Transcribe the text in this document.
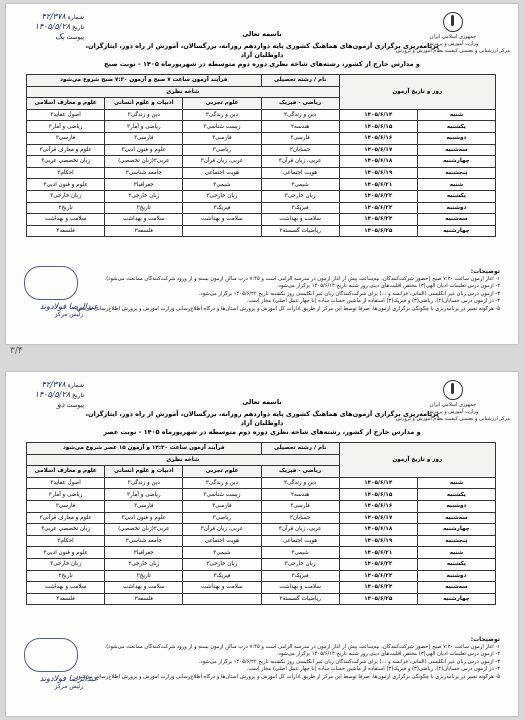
جمهوری اسلامی ایران
وزارت آموزش و پرورش
مرکز ارزشیابی و تضمین کیفیت نظام آموزش و پرورش
شماره ۴۲/۳۷۸
تاریخ ۱۴۰۵/۵/۲۸
پیوست یک	باسمه تعالی
برنامه‌ریزی برگزاری آزمون‌های هماهنگ کشوری پایه دوازدهم روزانه، بزرگسالان، آموزش از راه دور، ایثارگران، داوطلبان آزاد
و مدارس خارج از کشور، رشته‌های شاخه نظری دوره دوم متوسطه در شهریورماه ۱۴۰۵ - نوبت صبح
روز و تاریخ آزمون		نام / رشته تحصیلی	فرآیند آزمون ساعت ۷ صبح و آزمون ۷:۳۰ صبح شروع می‌شود		
		شاخه نظری			
		ریاضی - فیزیک	علوم تجربی	ادبیات و علوم انسانی	علوم و معارف اسلامی
شنبه	۱۴۰۵/۶/۱۴	دین و زندگی۳	دین و زندگی۳	دین و زندگی۳	اصول عقاید۳
یکشنبه	۱۴۰۵/۶/۱۵	هندسه۳	زیست شناسی۳	ریاضی و آمار۳	ریاضی و آمار۳
دوشنبه	۱۴۰۵/۶/۱۶	فارسی۳	فارسی۳	فارسی۳	فارسی۳
سه‌شنبه	۱۴۰۵/۶/۱۷	حسابان۲	ریاضی۳	علوم و فنون ادبی۳	علوم و معارف قرآنی۳
چهارشنبه	۱۴۰۵/۶/۱۸	عربی، زبان قرآن۳	عربی، زبان قرآن۳	عربی۳(زبان تخصصی)	زبان تخصصی عربی۳
پنجشنبه	۱۴۰۵/۶/۱۹	هویت اجتماعی	هویت اجتماعی	جامعه شناسی۳	احکام۳
شنبه	۱۴۰۵/۶/۲۱	شیمی۳	شیمی۳	جغرافیا۳	علوم و فنون ادبی۳
یکشنبه	۱۴۰۵/۶/۲۲	زبان خارجی۳	زبان خارجی۳	زبان خارجی۳	زبان خارجی۳
دوشنبه	۱۴۰۵/۶/۲۳	فیزیک۳	فیزیک۳	تاریخ۳	تاریخ۳
سه‌شنبه	۱۴۰۵/۶/۲۴	سلامت و بهداشت	سلامت و بهداشت	سلامت و بهداشت	سلامت و بهداشت
چهارشنبه	۱۴۰۵/۶/۲۵	ریاضیات گسسته۳		فلسفه۳	فلسفه۳
توضیحات:
۱- آغاز آزمون ساعت ۷:۳۰ صبح (حضور شرکت‌کنندگان، نیم‌ساعت پیش از آغاز آزمون در مدرسه الزامی است و ۷:۴۵ درب سالن آزمون بسته و از ورود شرکت‌کنندگان ممانعت می‌شود).
۲- آزمون درس تعلیمات ادیان الهی(۳) مختص اقلیت‌های دینی روز شنبه تاریخ ۱۴۰۵/۶/۱۴ برگزار می‌شود.
۳- آزمون درس زبان غیر انگلیسی (آلمانی، فرانسه و ...) برای شرکت‌کنندگان زبان غیر انگلیسی روز یکشنبه تاریخ ۱۴۰۵/۶/۲۲ برگزار می‌شود.
۴- در آزمون درس حسابان(۲)، ریاضی(۳) و فیزیک(۳) استفاده از ماشین حساب ساده (با چهار عمل اصلی) مجاز است.
۵- هرگونه تغییر در برنامه‌ریزی با چگونگی برگزاری آزمون‌ها، صرفاً توسط این مرکز از طریق ادارات کل آموزش و پرورش استان‌ها و درگاه اطلاع‌رسانی وزارت آموزش و پرورش اطلاع‌رسانی می‌شود.
عبدالرضا فولادوند
رئیس مرکز
۳/۴
جمهوری اسلامی ایران
وزارت آموزش و پرورش
مرکز ارزشیابی و تضمین کیفیت نظام آموزش و پرورش
شماره ۴۲/۳۷۸
تاریخ ۱۴۰۵/۵/۲۸
پیوست دو	باسمه تعالی
برنامه‌ریزی برگزاری آزمون‌های هماهنگ کشوری پایه دوازدهم روزانه، بزرگسالان، آموزش از راه دور، ایثارگران، داوطلبان آزاد
و مدارس خارج از کشور، رشته‌های شاخه نظری دوره دوم متوسطه در شهریورماه ۱۴۰۵ - نوبت عصر
روز و تاریخ آزمون		نام / رشته تحصیلی	فرآیند آزمون ساعت ۱۴:۳۰ و آزمون ۱۵ عصر شروع می‌شود		
		شاخه نظری			
		ریاضی - فیزیک	علوم تجربی	ادبیات و علوم انسانی	علوم و معارف اسلامی
شنبه	۱۴۰۵/۶/۱۴	دین و زندگی۳	دین و زندگی۳	دین و زندگی۳	اصول عقاید۳
یکشنبه	۱۴۰۵/۶/۱۵	هندسه۳	زیست شناسی۳	ریاضی و آمار۳	ریاضی و آمار۳
دوشنبه	۱۴۰۵/۶/۱۶	فارسی۳	فارسی۳	فارسی۳	فارسی۳
سه‌شنبه	۱۴۰۵/۶/۱۷	حسابان۲	ریاضی۳	علوم و فنون ادبی۳	علوم و معارف قرآنی۳
چهارشنبه	۱۴۰۵/۶/۱۸	عربی، زبان قرآن۳	عربی، زبان قرآن۳	عربی۳(زبان تخصصی)	زبان تخصصی عربی۳
پنجشنبه	۱۴۰۵/۶/۱۹	هویت اجتماعی	هویت اجتماعی	جامعه شناسی۳	احکام۳
شنبه	۱۴۰۵/۶/۲۱	شیمی۳	شیمی۳	جغرافیا۳	علوم و فنون ادبی۳
یکشنبه	۱۴۰۵/۶/۲۲	زبان خارجی۳	زبان خارجی۳	زبان خارجی۳	زبان خارجی۳
دوشنبه	۱۴۰۵/۶/۲۳	فیزیک۳	فیزیک۳	تاریخ۳	تاریخ۳
سه‌شنبه	۱۴۰۵/۶/۲۴	سلامت و بهداشت	سلامت و بهداشت	سلامت و بهداشت	سلامت و بهداشت
چهارشنبه	۱۴۰۵/۶/۲۵	ریاضیات گسسته۳		فلسفه۳	فلسفه۳
توضیحات:
۱- آغاز آزمون ساعت ۷:۳۰ صبح (حضور شرکت‌کنندگان، نیم‌ساعت پیش از آغاز آزمون در مدرسه الزامی است و ۷:۴۵ درب سالن آزمون بسته و از ورود شرکت‌کنندگان ممانعت می‌شود).
۲- آزمون درس تعلیمات ادیان الهی(۳) مختص اقلیت‌های دینی روز شنبه تاریخ ۱۴۰۵/۶/۱۴ برگزار می‌شود.
۳- آزمون درس زبان غیر انگلیسی (آلمانی، فرانسه و ...) برای شرکت‌کنندگان زبان غیر انگلیسی روز یکشنبه تاریخ ۱۴۰۵/۶/۲۲ برگزار می‌شود.
۴- در آزمون درس حسابان(۲)، ریاضی(۳) و فیزیک(۳) استفاده از ماشین حساب ساده (با چهار عمل اصلی) مجاز است.
۵- هرگونه تغییر در برنامه‌ریزی با چگونگی برگزاری آزمون‌ها، صرفاً توسط این مرکز از طریق ادارات کل آموزش و پرورش استان‌ها و درگاه اطلاع‌رسانی وزارت آموزش و پرورش اطلاع‌رسانی می‌شود.
عبدالرضا فولادوند
رئیس مرکز
